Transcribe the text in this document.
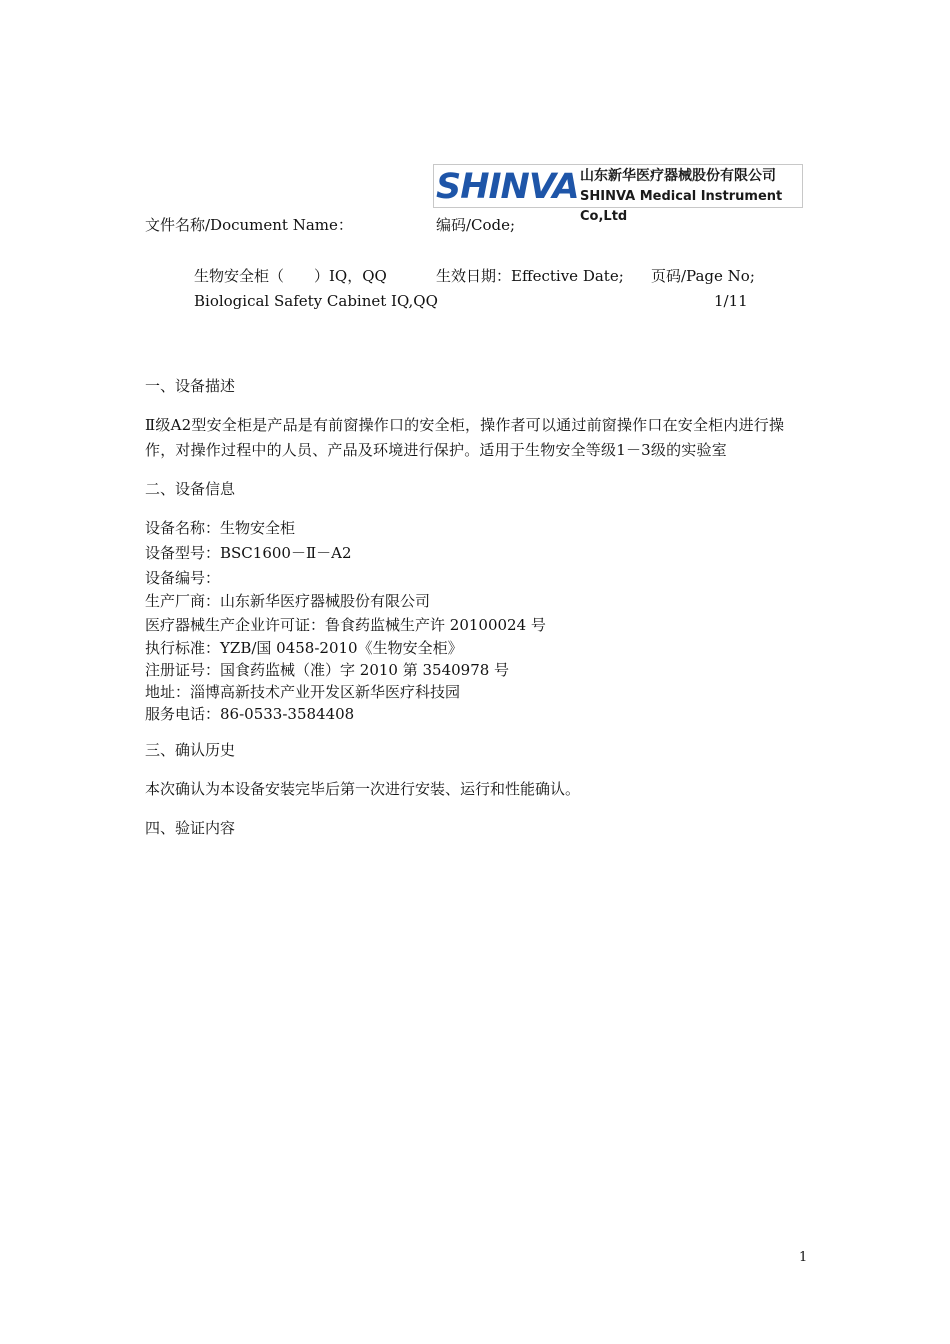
SHINVA 山东新华医疗器械股份有限公司
SHINVA Medical Instrument Co,Ltd
文件名称/Document Name：	编码/Code;
生物安全柜（　　）IQ，QQ	生效日期：Effective Date; 页码/Page No;
Biological Safety Cabinet IQ,QQ	1/11
一、设备描述
Ⅱ级A2型安全柜是产品是有前窗操作口的安全柜，操作者可以通过前窗操作口在安全柜内进行操作，对操作过程中的人员、产品及环境进行保护。适用于生物安全等级1－3级的实验室
二、设备信息
设备名称：生物安全柜
设备型号：BSC1600－Ⅱ－A2
设备编号：
生产厂商：山东新华医疗器械股份有限公司
医疗器械生产企业许可证：鲁食药监械生产许 20100024 号
执行标准：YZB/国 0458-2010《生物安全柜》
注册证号：国食药监械（准）字 2010 第 3540978 号
地址：淄博高新技术产业开发区新华医疗科技园
服务电话：86-0533-3584408
三、确认历史
本次确认为本设备安装完毕后第一次进行安装、运行和性能确认。
四、验证内容
1
